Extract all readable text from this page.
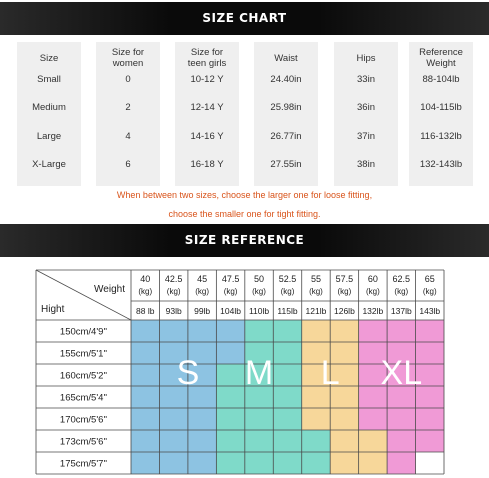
SIZE CHART
Size
Small
Medium
Large
X-Large
Size for
women
0
2
4
6
Size for
teen girls
10-12 Y
12-14 Y
14-16 Y
16-18 Y
Waist
24.40in
25.98in
26.77in
27.55in
Hips
33in
36in
37in
38in
Reference
Weight
88-104lb
104-115lb
116-132lb
132-143lb
When between two sizes, choose the larger one for loose fitting,
choose the smaller one for tight fitting.
SIZE REFERENCE
Weight
Hight
40
(kg)
88 lb
42.5
(kg)
93lb
45
(kg)
99lb
47.5
(kg)
104lb
50
(kg)
110lb
52.5
(kg)
115lb
55
(kg)
121lb
57.5
(kg)
126lb
60
(kg)
132lb
62.5
(kg)
137lb
65
(kg)
143lb
150cm/4'9''
155cm/5'1''
160cm/5'2''
165cm/5'4''
170cm/5'6''
173cm/5'6''
175cm/5'7''
S M L XL
